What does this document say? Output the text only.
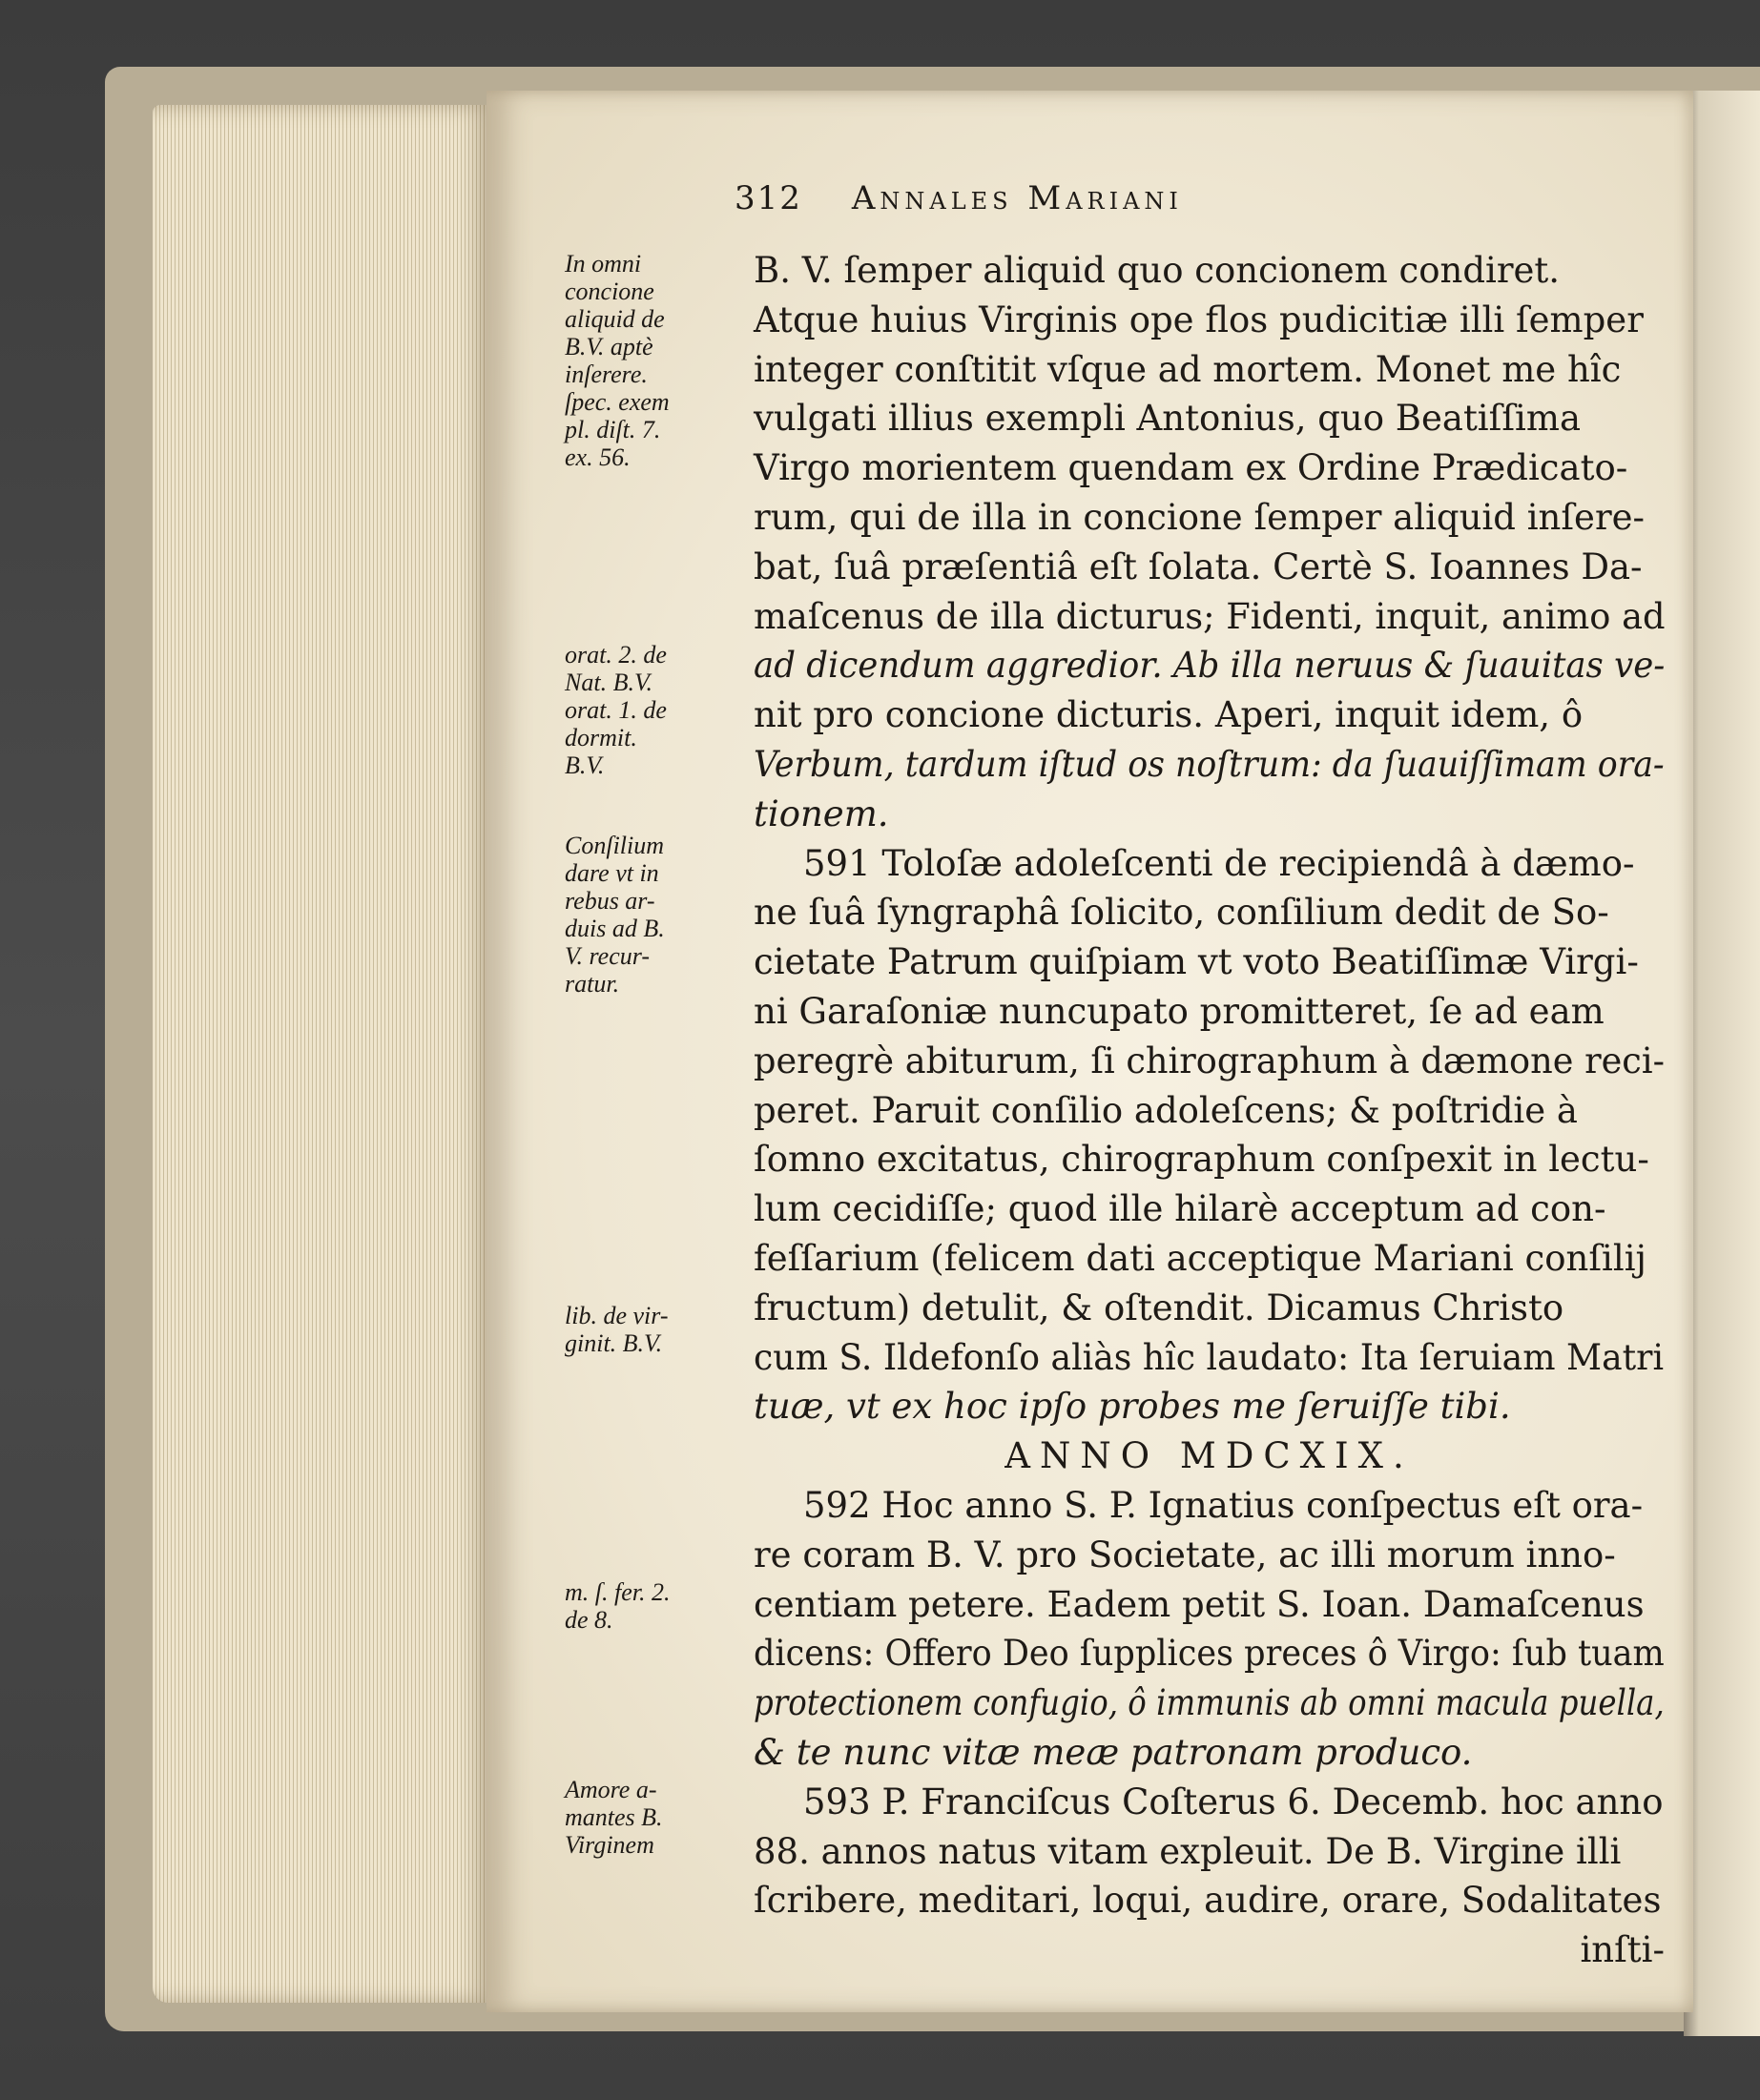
312 Annales Mariani
B. V. ſemper aliquid quo concionem condiret.
Atque huius Virginis ope flos pudicitiæ illi ſemper
integer conſtitit vſque ad mortem. Monet me hîc
vulgati illius exempli Antonius, quo Beatiſſima
Virgo morientem quendam ex Ordine Prædicato-
rum, qui de illa in concione ſemper aliquid inſere-
bat, ſuâ præſentiâ eſt ſolata. Certè S. Ioannes Da-
maſcenus de illa dicturus; Fidenti, inquit, animo ad
ad dicendum aggredior. Ab illa neruus & ſuauitas ve-
nit pro concione dicturis. Aperi, inquit idem, ô
Verbum, tardum iſtud os noſtrum: da ſuauiſſimam ora-
tionem.
591 Toloſæ adoleſcenti de recipiendâ à dæmo-
ne ſuâ ſyngraphâ ſolicito, conſilium dedit de So-
cietate Patrum quiſpiam vt voto Beatiſſimæ Virgi-
ni Garaſoniæ nuncupato promitteret, ſe ad eam
peregrè abiturum, ſi chirographum à dæmone reci-
peret. Paruit conſilio adoleſcens; & poſtridie à
ſomno excitatus, chirographum conſpexit in lectu-
lum cecidiſſe; quod ille hilarè acceptum ad con-
feſſarium (felicem dati acceptique Mariani conſilij
fructum) detulit, & oſtendit. Dicamus Christo
cum S. Ildefonſo aliàs hîc laudato: Ita ſeruiam Matri
tuæ, vt ex hoc ipſo probes me ſeruiſſe tibi.
ANNO MDCXIX.
592 Hoc anno S. P. Ignatius conſpectus eſt ora-
re coram B. V. pro Societate, ac illi morum inno-
centiam petere. Eadem petit S. Ioan. Damaſcenus
dicens: Offero Deo ſupplices preces ô Virgo: ſub tuam
protectionem confugio, ô immunis ab omni macula puella,
& te nunc vitæ meæ patronam produco.
593 P. Franciſcus Coſterus 6. Decemb. hoc anno
88. annos natus vitam expleuit. De B. Virgine illi
ſcribere, meditari, loqui, audire, orare, Sodalitates
inſti-
In omni
concione
aliquid de
B.V. aptè
inſerere.
ſpec. exem
pl. diſt. 7.
ex. 56.
orat. 2. de
Nat. B.V.
orat. 1. de
dormit.
B.V.
Conſilium
dare vt in
rebus ar-
duis ad B.
V. recur-
ratur.
lib. de vir-
ginit. B.V.
m. ſ. fer. 2.
de 8.
Amore a-
mantes B.
Virginem
